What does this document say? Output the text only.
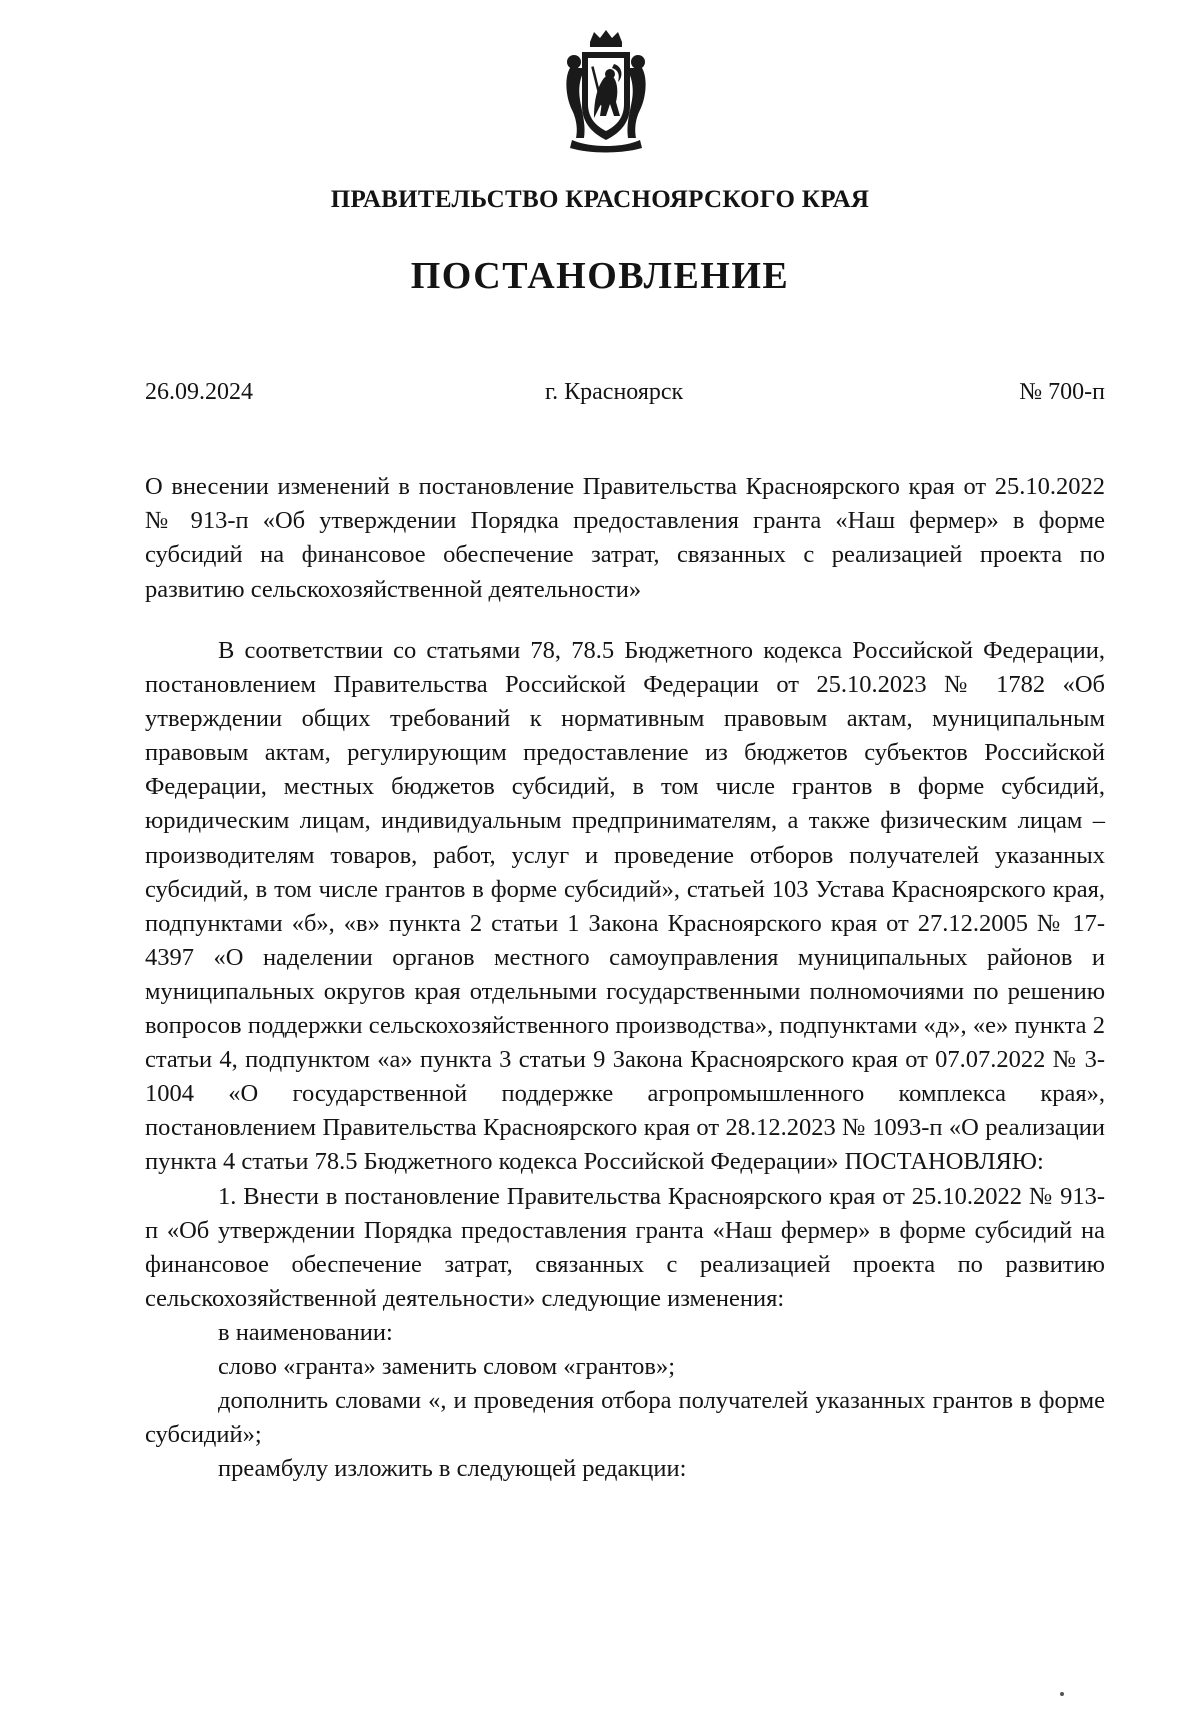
ПРАВИТЕЛЬСТВО КРАСНОЯРСКОГО КРАЯ
ПОСТАНОВЛЕНИЕ
26.09.2024	г. Красноярск	№ 700-п
О внесении изменений в постановление Правительства Красноярского края от 25.10.2022 № 913-п «Об утверждении Порядка предоставления гранта «Наш фермер» в форме субсидий на финансовое обеспечение затрат, связанных с реализацией проекта по развитию сельскохозяйственной деятельности»

В соответствии со статьями 78, 78.5 Бюджетного кодекса Российской Федерации, постановлением Правительства Российской Федерации от 25.10.2023 № 1782 «Об утверждении общих требований к нормативным правовым актам, муниципальным правовым актам, регулирующим предоставление из бюджетов субъектов Российской Федерации, местных бюджетов субсидий, в том числе грантов в форме субсидий, юридическим лицам, индивидуальным предпринимателям, а также физическим лицам – производителям товаров, работ, услуг и проведение отборов получателей указанных субсидий, в том числе грантов в форме субсидий», статьей 103 Устава Красноярского края, подпунктами «б», «в» пункта 2 статьи 1 Закона Красноярского края от 27.12.2005 № 17-4397 «О наделении органов местного самоуправления муниципальных районов и муниципальных округов края отдельными государственными полномочиями по решению вопросов поддержки сельскохозяйственного производства», подпунктами «д», «е» пункта 2 статьи 4, подпунктом «а» пункта 3 статьи 9 Закона Красноярского края от 07.07.2022 № 3-1004 «О государственной поддержке агропромышленного комплекса края», постановлением Правительства Красноярского края от 28.12.2023 № 1093-п «О реализации пункта 4 статьи 78.5 Бюджетного кодекса Российской Федерации» ПОСТАНОВЛЯЮ:

1. Внести в постановление Правительства Красноярского края от 25.10.2022 № 913-п «Об утверждении Порядка предоставления гранта «Наш фермер» в форме субсидий на финансовое обеспечение затрат, связанных с реализацией проекта по развитию сельскохозяйственной деятельности» следующие изменения:

в наименовании:

слово «гранта» заменить словом «грантов»;

дополнить словами «, и проведения отбора получателей указанных грантов в форме субсидий»;

преамбулу изложить в следующей редакции:
